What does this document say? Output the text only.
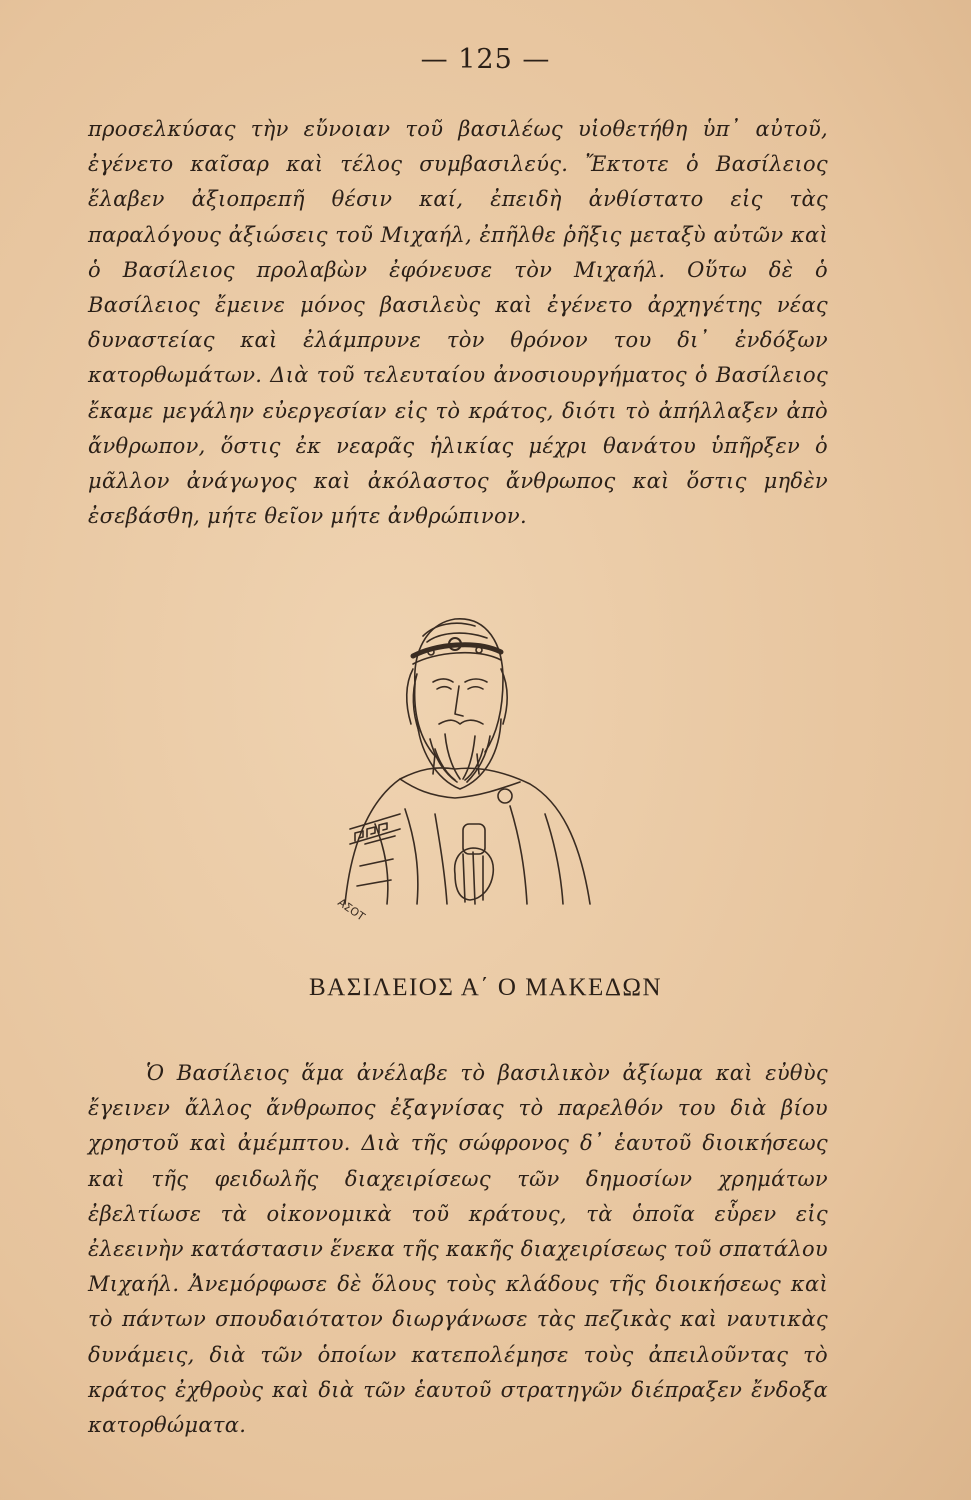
— 125 —

προσελκύσας τὴν εὔνοιαν τοῦ βασιλέως υἱοθετήθη ὑπ᾿ αὐτοῦ, ἐγένετο καῖσαρ καὶ τέλος συμβασιλεύς. Ἔκτοτε ὁ Βασίλειος ἔλαβεν ἀξιοπρεπῆ θέσιν καί, ἐπειδὴ ἀνθίστατο εἰς τὰς παραλόγους ἀξιώσεις τοῦ Μιχαήλ, ἐπῆλθε ῥῆξις μεταξὺ αὐτῶν καὶ ὁ Βασίλειος προλαβὼν ἐφόνευσε τὸν Μιχαήλ. Οὕτω δὲ ὁ Βασίλειος ἔμεινε μόνος βασιλεὺς καὶ ἐγένετο ἀρχηγέτης νέας δυναστείας καὶ ἐλάμπρυνε τὸν θρόνον του δι᾿ ἐνδόξων κατορθωμάτων. Διὰ τοῦ τελευταίου ἀνοσιουργήματος ὁ Βασίλειος ἔκαμε μεγάλην εὐεργεσίαν εἰς τὸ κράτος, διότι τὸ ἀπήλλαξεν ἀπὸ ἄνθρωπον, ὅστις ἐκ νεαρᾶς ἡλικίας μέχρι θανάτου ὑπῆρξεν ὁ μᾶλλον ἀνάγωγος καὶ ἀκόλαστος ἄνθρωπος καὶ ὅστις μηδὲν ἐσεβάσθη, μήτε θεῖον μήτε ἀνθρώπινον.

ΑΣΟΤ
ΒΑΣΙΛΕΙΟΣ Α΄ Ο ΜΑΚΕΔΩΝ

Ὁ Βασίλειος ἅμα ἀνέλαβε τὸ βασιλικὸν ἀξίωμα καὶ εὐθὺς ἔγεινεν ἄλλος ἄνθρωπος ἐξαγνίσας τὸ παρελθόν του διὰ βίου χρηστοῦ καὶ ἀμέμπτου. Διὰ τῆς σώφρονος δ᾿ ἑαυτοῦ διοικήσεως καὶ τῆς φειδωλῆς διαχειρίσεως τῶν δημοσίων χρημάτων ἐβελτίωσε τὰ οἰκονομικὰ τοῦ κράτους, τὰ ὁποῖα εὗρεν εἰς ἐλεεινὴν κατάστασιν ἕνεκα τῆς κακῆς διαχειρίσεως τοῦ σπατάλου Μιχαήλ. Ἀνεμόρφωσε δὲ ὅλους τοὺς κλάδους τῆς διοικήσεως καὶ τὸ πάντων σπουδαιότατον διωργάνωσε τὰς πεζικὰς καὶ ναυτικὰς δυνάμεις, διὰ τῶν ὁποίων κατεπολέμησε τοὺς ἀπειλοῦντας τὸ κράτος ἐχθροὺς καὶ διὰ τῶν ἑαυτοῦ στρατηγῶν διέπραξεν ἔνδοξα κατορθώματα.
